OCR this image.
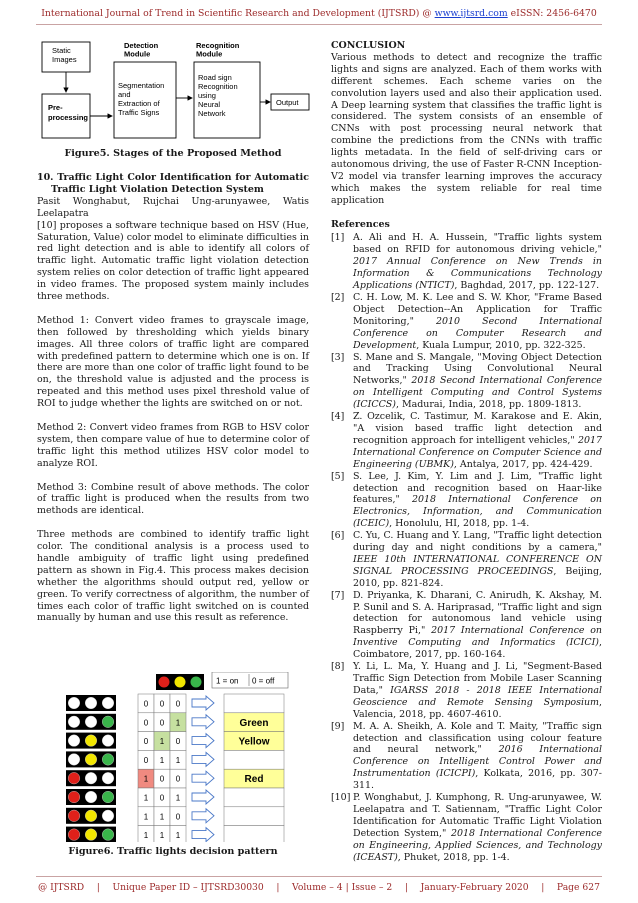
International Journal of Trend in Scientific Research and Development (IJTSRD) @ www.ijtsrd.com eISSN: 2456-6470
Static Images
Pre-processing
Detection Module
Segmentation and Extraction of Traffic Signs
Recognition Module
Road sign Recognition using Neural Network
Output
Figure5. Stages of the Proposed Method
10. Traffic Light Color Identification for Automatic Traffic Light Violation Detection System
Pasit Wonghabut, Rujchai Ung-arunyawee, Watis Leelapatra

[10] proposes a software technique based on HSV (Hue, Saturation, Value) color model to eliminate difficulties in red light detection and is able to identify all colors of traffic light. Automatic traffic light violation detection system relies on color detection of traffic light appeared in video frames. The proposed system mainly includes three methods.

Method 1: Convert video frames to grayscale image, then followed by thresholding which yields binary images. All three colors of traffic light are compared with predefined pattern to determine which one is on. If there are more than one color of traffic light found to be on, the threshold value is adjusted and the process is repeated and this method uses pixel threshold value of ROI to judge whether the lights are switched on or not.

Method 2: Convert video frames from RGB to HSV color system, then compare value of hue to determine color of traffic light this method utilizes HSV color model to analyze ROI.

Method 3: Combine result of above methods. The color of traffic light is produced when the results from two methods are identical.

Three methods are combined to identify traffic light color. The conditional analysis is a process used to handle ambiguity of traffic light using predefined pattern as shown in Fig.4. This process makes decision whether the algorithms should output red, yellow or green. To verify correctness of algorithm, the number of times each color of traffic light switched on is counted manually by human and use this result as reference.

1 = on 0 = off
0 0 0
0 0 1	Green
0 1 0	Yellow
0 1 1
1 0 0	Red
1 0 1
1 1 0
1 1 1
Figure6. Traffic lights decision pattern
CONCLUSION

Various methods to detect and recognize the traffic lights and signs are analyzed. Each of them works with different schemes. Each scheme varies on the convolution layers used and also their application used. A Deep learning system that classifies the traffic light is considered. The system consists of an ensemble of CNNs with post processing neural network that combine the predictions from the CNNs with traffic lights metadata. In the field of self-driving cars or autonomous driving, the use of Faster R-CNN Inception-V2 model via transfer learning improves the accuracy which makes the system reliable for real time application

References
[1] A. Ali and H. A. Hussein, "Traffic lights system based on RFID for autonomous driving vehicle," 2017 Annual Conference on New Trends in Information & Communications Technology Applications (NTICT), Baghdad, 2017, pp. 122-127.
[2] C. H. Low, M. K. Lee and S. W. Khor, "Frame Based Object Detection--An Application for Traffic Monitoring," 2010 Second International Conference on Computer Research and Development, Kuala Lumpur, 2010, pp. 322-325.
[3] S. Mane and S. Mangale, "Moving Object Detection and Tracking Using Convolutional Neural Networks," 2018 Second International Conference on Intelligent Computing and Control Systems (ICICCS), Madurai, India, 2018, pp. 1809-1813.
[4] Z. Ozcelik, C. Tastimur, M. Karakose and E. Akin, "A vision based traffic light detection and recognition approach for intelligent vehicles," 2017 International Conference on Computer Science and Engineering (UBMK), Antalya, 2017, pp. 424-429.
[5] S. Lee, J. Kim, Y. Lim and J. Lim, "Traffic light detection and recognition based on Haar-like features," 2018 International Conference on Electronics, Information, and Communication (ICEIC), Honolulu, HI, 2018, pp. 1-4.
[6] C. Yu, C. Huang and Y. Lang, "Traffic light detection during day and night conditions by a camera," IEEE 10th INTERNATIONAL CONFERENCE ON SIGNAL PROCESSING PROCEEDINGS, Beijing, 2010, pp. 821-824.
[7] D. Priyanka, K. Dharani, C. Anirudh, K. Akshay, M. P. Sunil and S. A. Hariprasad, "Traffic light and sign detection for autonomous land vehicle using Raspberry Pi," 2017 International Conference on Inventive Computing and Informatics (ICICI), Coimbatore, 2017, pp. 160-164.
[8] Y. Li, L. Ma, Y. Huang and J. Li, "Segment-Based Traffic Sign Detection from Mobile Laser Scanning Data," IGARSS 2018 - 2018 IEEE International Geoscience and Remote Sensing Symposium, Valencia, 2018, pp. 4607-4610.
[9] M. A. A. Sheikh, A. Kole and T. Maity, "Traffic sign detection and classification using colour feature and neural network," 2016 International Conference on Intelligent Control Power and Instrumentation (ICICPI), Kolkata, 2016, pp. 307-311.
[10] P. Wonghabut, J. Kumphong, R. Ung-arunyawee, W. Leelapatra and T. Satiennam, "Traffic Light Color Identification for Automatic Traffic Light Violation Detection System," 2018 International Conference on Engineering, Applied Sciences, and Technology (ICEAST), Phuket, 2018, pp. 1-4.
@ IJTSRD | Unique Paper ID – IJTSRD30030 | Volume – 4 | Issue – 2 | January-February 2020 | Page 627
